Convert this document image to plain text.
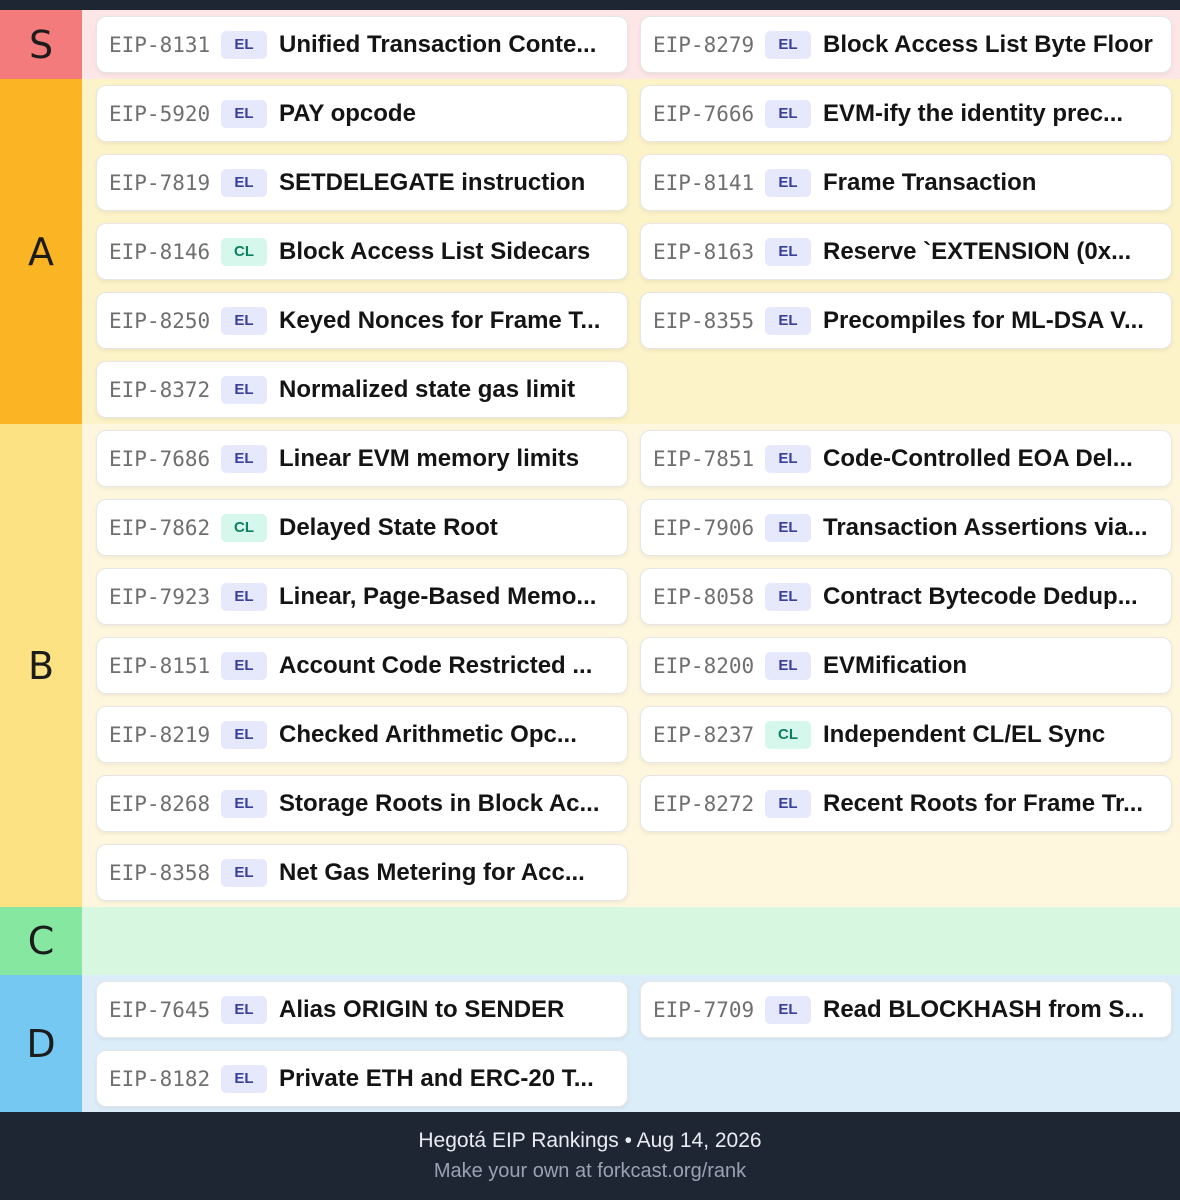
S	EIP-8131	EL	Unified Transaction Conte...	EIP-8279	EL	Block Access List Byte Floor
A
EIP-5920	EL	PAY opcode	EIP-7666	EL	EVM-ify the identity prec...
EIP-7819	EL	SETDELEGATE instruction	EIP-8141	EL	Frame Transaction
EIP-8146	CL	Block Access List Sidecars	EIP-8163	EL	Reserve `EXTENSION (0x...
EIP-8250	EL	Keyed Nonces for Frame T...	EIP-8355	EL	Precompiles for ML-DSA V...
EIP-8372	EL	Normalized state gas limit
B
EIP-7686	EL	Linear EVM memory limits	EIP-7851	EL	Code-Controlled EOA Del...
EIP-7862	CL	Delayed State Root	EIP-7906	EL	Transaction Assertions via...
EIP-7923	EL	Linear, Page-Based Memo...	EIP-8058	EL	Contract Bytecode Dedup...
EIP-8151	EL	Account Code Restricted ...	EIP-8200	EL	EVMification
EIP-8219	EL	Checked Arithmetic Opc...	EIP-8237	CL	Independent CL/EL Sync
EIP-8268	EL	Storage Roots in Block Ac...	EIP-8272	EL	Recent Roots for Frame Tr...
EIP-8358	EL	Net Gas Metering for Acc...
C
D
EIP-7645	EL	Alias ORIGIN to SENDER	EIP-7709	EL	Read BLOCKHASH from S...
EIP-8182	EL	Private ETH and ERC-20 T...
Hegotá EIP Rankings • Aug 14, 2026
Make your own at forkcast.org/rank
